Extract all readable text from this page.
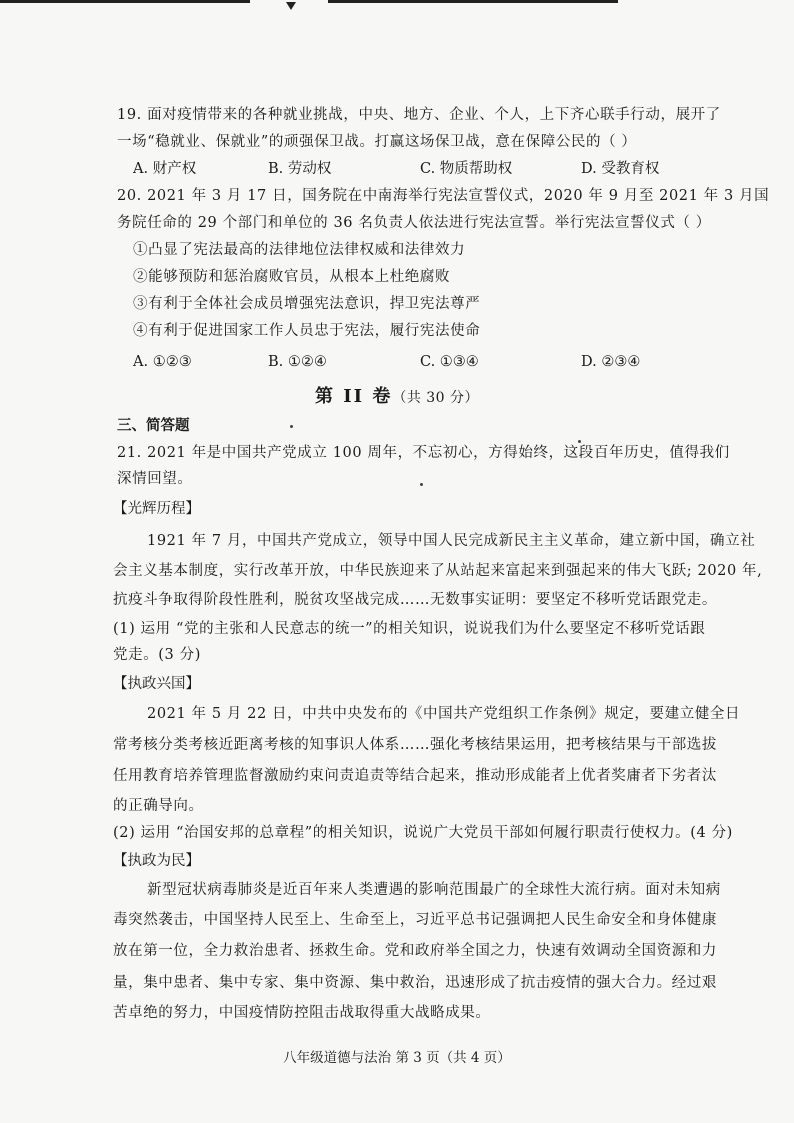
19. 面对疫情带来的各种就业挑战，中央、地方、企业、个人，上下齐心联手行动，展开了
一场“稳就业、保就业”的顽强保卫战。打赢这场保卫战，意在保障公民的（ ）
A. 财产权	B. 劳动权	C. 物质帮助权	D. 受教育权
20. 2021 年 3 月 17 日，国务院在中南海举行宪法宣誓仪式，2020 年 9 月至 2021 年 3 月国
务院任命的 29 个部门和单位的 36 名负责人依法进行宪法宣誓。举行宪法宣誓仪式（ ）
①凸显了宪法最高的法律地位法律权威和法律效力
②能够预防和惩治腐败官员，从根本上杜绝腐败
③有利于全体社会成员增强宪法意识，捍卫宪法尊严
④有利于促进国家工作人员忠于宪法，履行宪法使命
A. ①②③	B. ①②④	C. ①③④	D. ②③④
第 II 卷（共 30 分）
三、简答题
21. 2021 年是中国共产党成立 100 周年，不忘初心，方得始终，这段百年历史，值得我们
深情回望。
【光辉历程】
1921 年 7 月，中国共产党成立，领导中国人民完成新民主主义革命，建立新中国，确立社
会主义基本制度，实行改革开放，中华民族迎来了从站起来富起来到强起来的伟大飞跃; 2020 年,
抗疫斗争取得阶段性胜利，脱贫攻坚战完成……无数事实证明：要坚定不移听党话跟党走。
(1) 运用 “党的主张和人民意志的统一”的相关知识，说说我们为什么要坚定不移听党话跟
党走。(3 分)
【执政兴国】
2021 年 5 月 22 日，中共中央发布的《中国共产党组织工作条例》规定，要建立健全日
常考核分类考核近距离考核的知事识人体系……强化考核结果运用，把考核结果与干部选拔
任用教育培养管理监督激励约束问责追责等结合起来，推动形成能者上优者奖庸者下劣者汰
的正确导向。
(2) 运用 “治国安邦的总章程”的相关知识，说说广大党员干部如何履行职责行使权力。(4 分)
【执政为民】
新型冠状病毒肺炎是近百年来人类遭遇的影响范围最广的全球性大流行病。面对未知病
毒突然袭击，中国坚持人民至上、生命至上，习近平总书记强调把人民生命安全和身体健康
放在第一位，全力救治患者、拯救生命。党和政府举全国之力，快速有效调动全国资源和力
量，集中患者、集中专家、集中资源、集中救治，迅速形成了抗击疫情的强大合力。经过艰
苦卓绝的努力，中国疫情防控阻击战取得重大战略成果。
八年级道德与法治 第 3 页（共 4 页）
